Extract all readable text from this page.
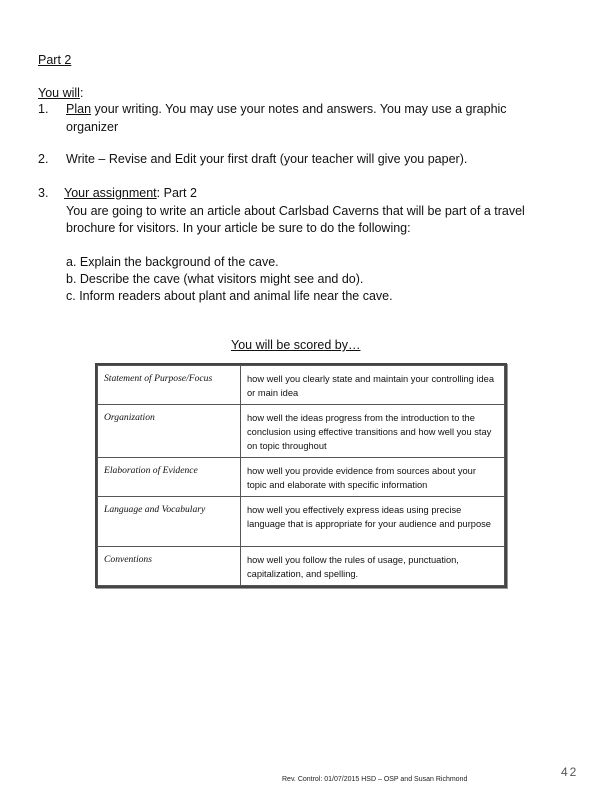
Part 2
You will:
1. Plan your writing. You may use your notes and answers. You may use a graphic
organizer
2. Write – Revise and Edit your first draft (your teacher will give you paper).
3. Your assignment: Part 2
You are going to write an article about Carlsbad Caverns that will be part of a travel
brochure for visitors. In your article be sure to do the following:
a. Explain the background of the cave.
b. Describe the cave (what visitors might see and do).
c. Inform readers about plant and animal life near the cave.
You will be scored by…
Statement of Purpose/Focus	how well you clearly state and maintain your controlling idea or main idea
Organization	how well the ideas progress from the introduction to the conclusion using effective transitions and how well you stay on topic throughout
Elaboration of Evidence	how well you provide evidence from sources about your topic and elaborate with specific information
Language and Vocabulary	how well you effectively express ideas using precise language that is appropriate for your audience and purpose
Conventions	how well you follow the rules of usage, punctuation, capitalization, and spelling.
Rev. Control: 01/07/2015 HSD – OSP and Susan Richmond
42
